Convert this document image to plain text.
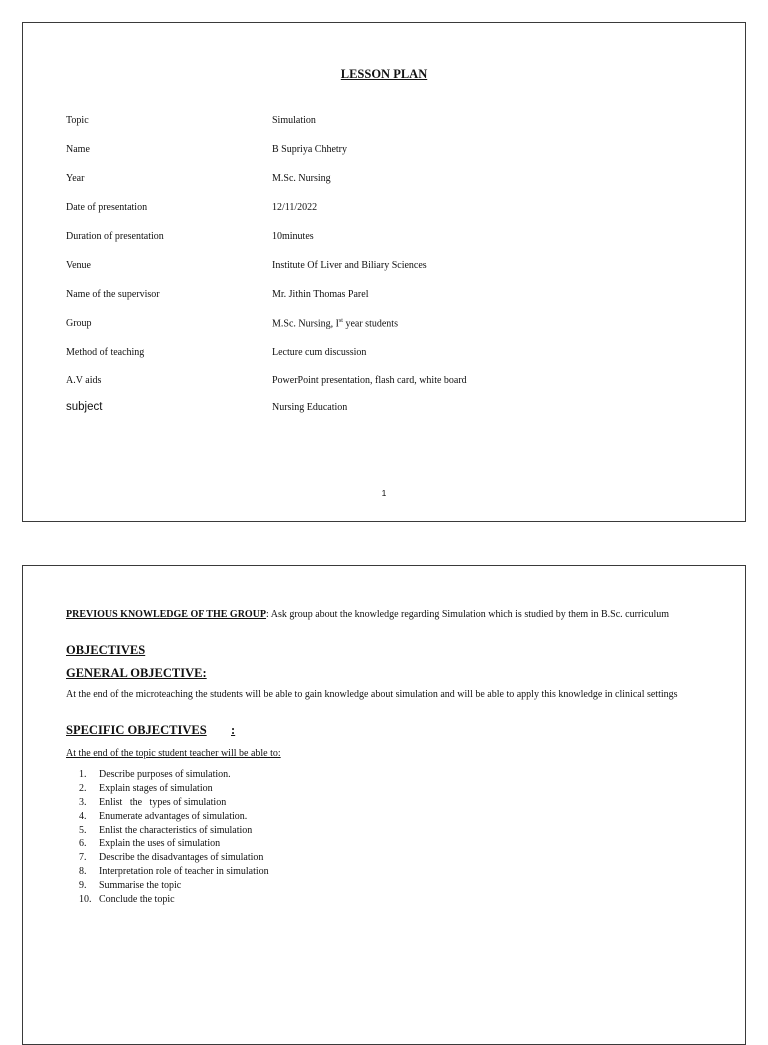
LESSON PLAN
Topic	Simulation
Name	B Supriya Chhetry
Year	M.Sc. Nursing
Date of presentation	12/11/2022
Duration of presentation	10minutes
Venue	Institute Of Liver and Biliary Sciences
Name of the supervisor	Mr. Jithin Thomas Parel
Group	M.Sc. Nursing, Ist year students
Method of teaching	Lecture cum discussion
A.V aids	PowerPoint presentation, flash card, white board
subject	Nursing Education
1
PREVIOUS KNOWLEDGE OF THE GROUP: Ask group about the knowledge regarding Simulation which is studied by them in B.Sc. curriculum
OBJECTIVES
GENERAL OBJECTIVE:
At the end of the microteaching the students will be able to gain knowledge about simulation and will be able to apply this knowledge in clinical settings
SPECIFIC OBJECTIVES :
At the end of the topic student teacher will be able to:
1. Describe purposes of simulation.
2. Explain stages of simulation
3. Enlist   the   types of simulation
4. Enumerate advantages of simulation.
5. Enlist the characteristics of simulation
6. Explain the uses of simulation
7. Describe the disadvantages of simulation
8. Interpretation role of teacher in simulation
9. Summarise the topic
10. Conclude the topic
